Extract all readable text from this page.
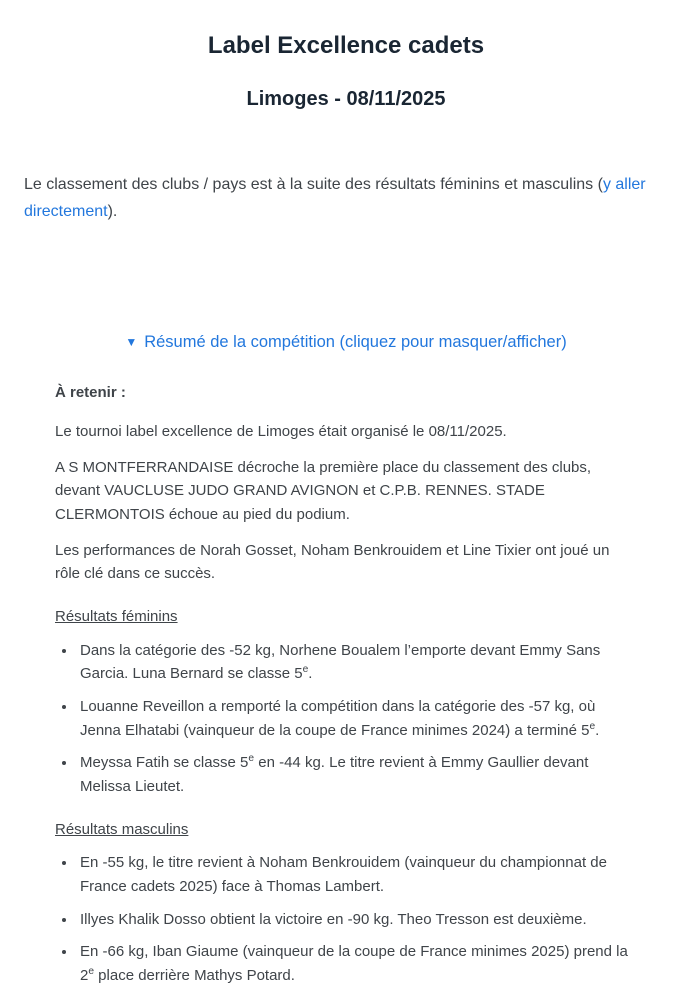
Label Excellence cadets
Limoges - 08/11/2025

Le classement des clubs / pays est à la suite des résultats féminins et masculins (y aller directement).

▼ Résumé de la compétition (cliquez pour masquer/afficher)

À retenir :

Le tournoi label excellence de Limoges était organisé le 08/11/2025.

A S MONTFERRANDAISE décroche la première place du classement des clubs, devant VAUCLUSE JUDO GRAND AVIGNON et C.P.B. RENNES. STADE CLERMONTOIS échoue au pied du podium.

Les performances de Norah Gosset, Noham Benkrouidem et Line Tixier ont joué un rôle clé dans ce succès.

Résultats féminins

• Dans la catégorie des -52 kg, Norhene Boualem l’emporte devant Emmy Sans Garcia. Luna Bernard se classe 5e.
• Louanne Reveillon a remporté la compétition dans la catégorie des -57 kg, où Jenna Elhatabi (vainqueur de la coupe de France minimes 2024) a terminé 5e.
• Meyssa Fatih se classe 5e en -44 kg. Le titre revient à Emmy Gaullier devant Melissa Lieutet.

Résultats masculins

• En -55 kg, le titre revient à Noham Benkrouidem (vainqueur du championnat de France cadets 2025) face à Thomas Lambert.
• Illyes Khalik Dosso obtient la victoire en -90 kg. Theo Tresson est deuxième.
• En -66 kg, Iban Giaume (vainqueur de la coupe de France minimes 2025) prend la 2e place derrière Mathys Potard.
